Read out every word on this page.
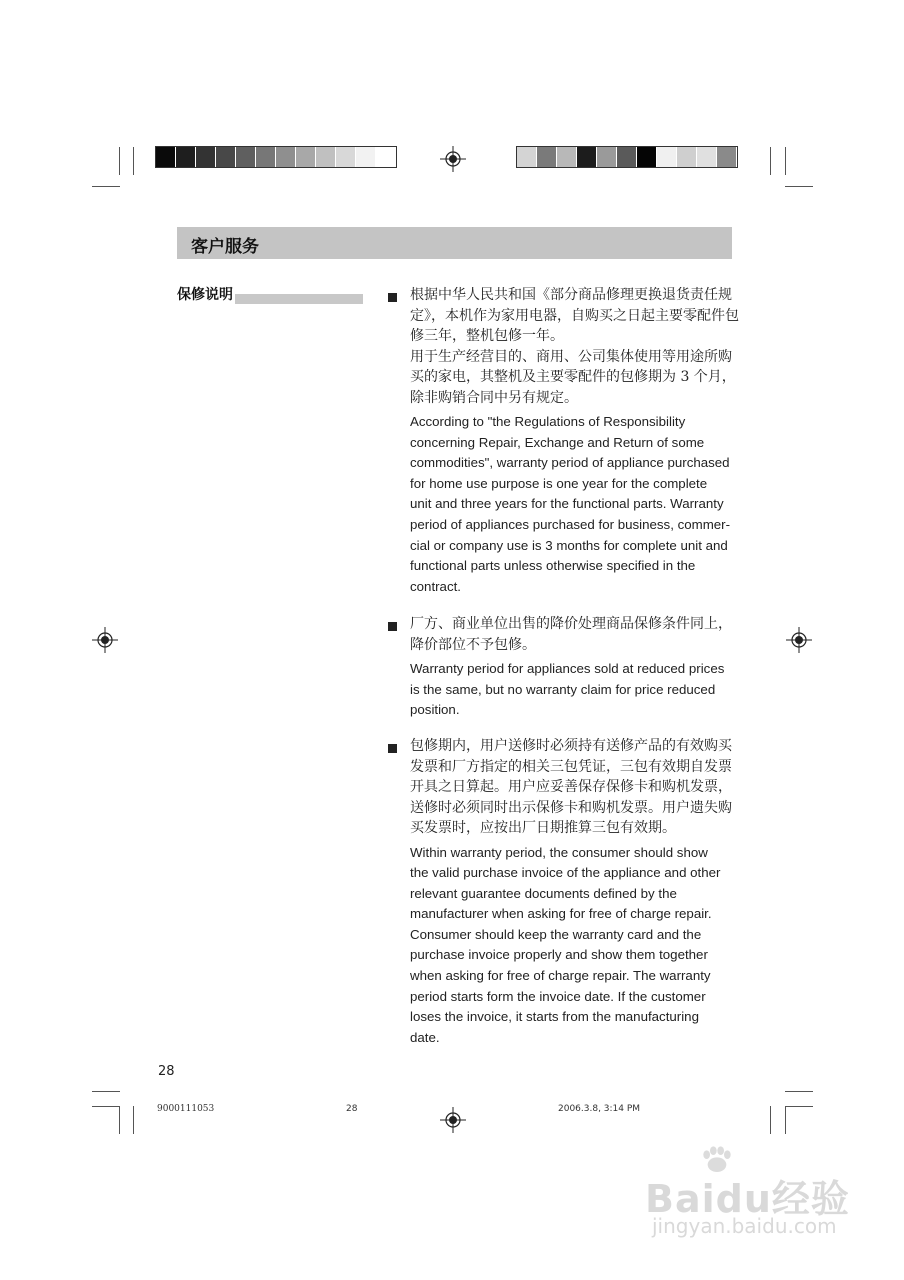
客户服务
保修说明	根据中华人民共和国《部分商品修理更换退货责任规
定》，本机作为家用电器，自购买之日起主要零配件包
修三年，整机包修一年。
用于生产经营目的、商用、公司集体使用等用途所购
买的家电，其整机及主要零配件的包修期为 3 个月，
除非购销合同中另有规定。
According to "the Regulations of Responsibility
concerning Repair, Exchange and Return of some
commodities", warranty period of appliance purchased
for home use purpose is one year for the complete
unit and three years for the functional parts. Warranty
period of appliances purchased for business, commer-
cial or company use is 3 months for complete unit and
functional parts unless otherwise specified in the
contract.
厂方、商业单位出售的降价处理商品保修条件同上，
降价部位不予包修。
Warranty period for appliances sold at reduced prices
is the same, but no warranty claim for price reduced
position.
包修期内，用户送修时必须持有送修产品的有效购买
发票和厂方指定的相关三包凭证，三包有效期自发票
开具之日算起。用户应妥善保存保修卡和购机发票，
送修时必须同时出示保修卡和购机发票。用户遗失购
买发票时，应按出厂日期推算三包有效期。
Within warranty period, the consumer should show
the valid purchase invoice of the appliance and other
relevant guarantee documents defined by the
manufacturer when asking for free of charge repair.
Consumer should keep the warranty card and the
purchase invoice properly and show them together
when asking for free of charge repair. The warranty
period starts form the invoice date. If the customer
loses the invoice, it starts from the manufacturing
date.
28
9000111053	28	2006.3.8, 3:14 PM
Baidu经验
jingyan.baidu.com
